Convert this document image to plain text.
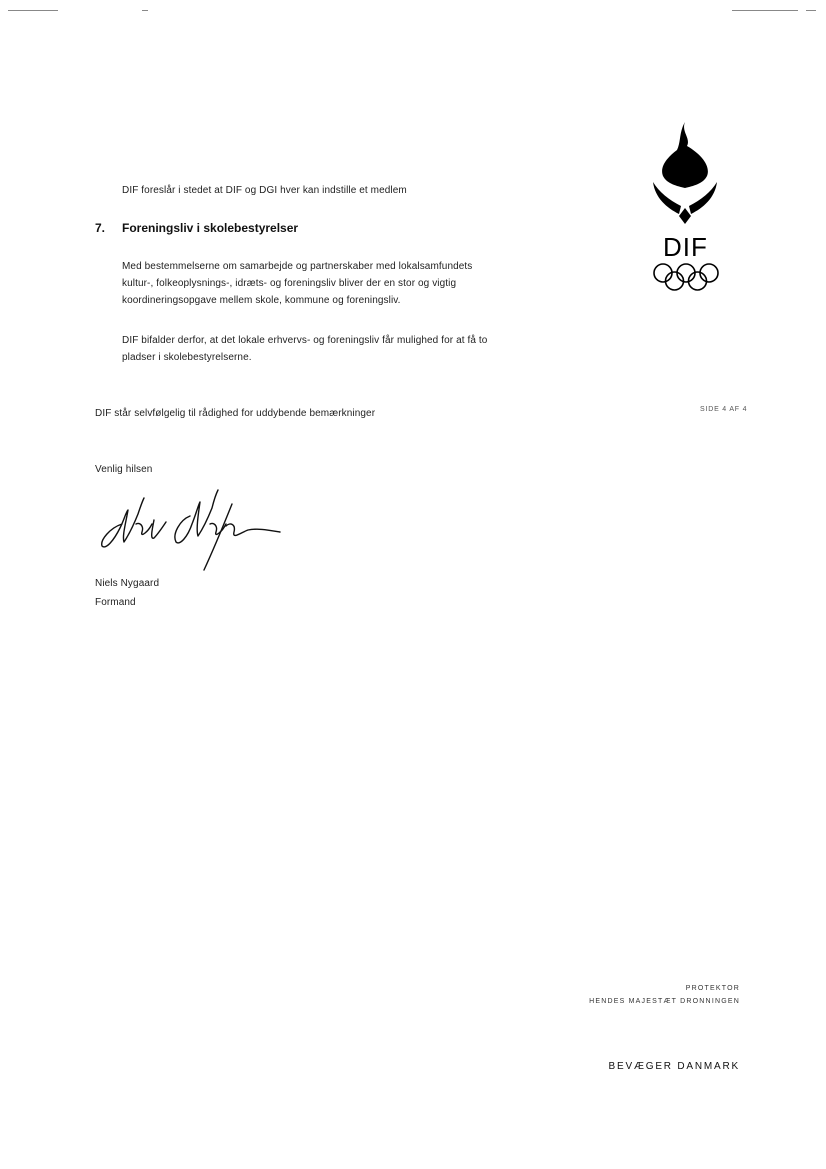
DIF
SIDE 4 AF 4
DIF foreslår i stedet at DIF og DGI hver kan indstille et medlem
7. Foreningsliv i skolebestyrelser
Med bestemmelserne om samarbejde og partnerskaber med lokalsamfundets
kultur-, folkeoplysnings-, idræts- og foreningsliv bliver der en stor og vigtig
koordineringsopgave mellem skole, kommune og foreningsliv.
DIF bifalder derfor, at det lokale erhvervs- og foreningsliv får mulighed for at få to
pladser i skolebestyrelserne.
DIF står selvfølgelig til rådighed for uddybende bemærkninger
Venlig hilsen
Niels Nygaard
Formand
PROTEKTOR
HENDES MAJESTÆT DRONNINGEN
BEVÆGER DANMARK
